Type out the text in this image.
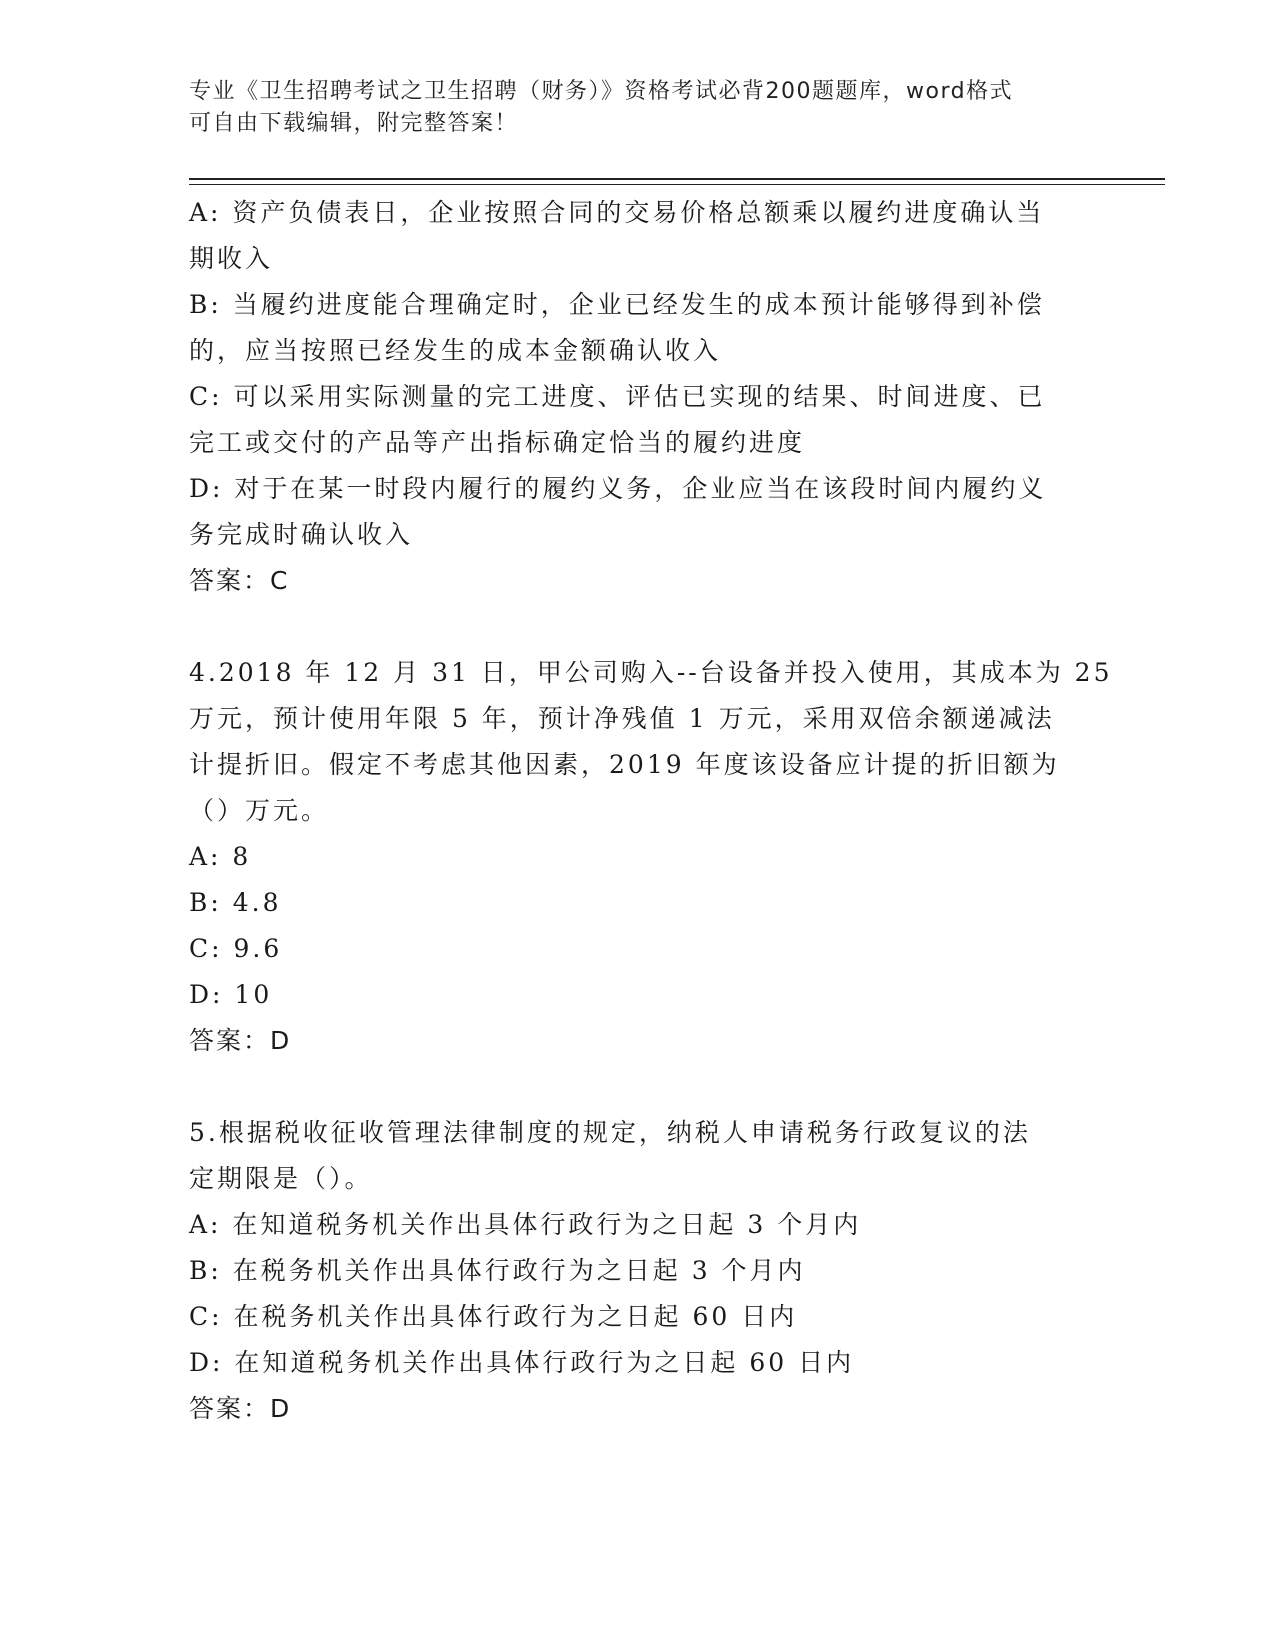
专业《卫生招聘考试之卫生招聘（财务）》资格考试必背200题题库，word格式
可自由下载编辑，附完整答案！
A: 资产负债表日，企业按照合同的交易价格总额乘以履约进度确认当
期收入
B: 当履约进度能合理确定时，企业已经发生的成本预计能够得到补偿
的，应当按照已经发生的成本金额确认收入
C: 可以采用实际测量的完工进度、评估已实现的结果、时间进度、已
完工或交付的产品等产出指标确定恰当的履约进度
D: 对于在某一时段内履行的履约义务，企业应当在该段时间内履约义
务完成时确认收入
答案：C
4.2018 年 12 月 31 日，甲公司购入--台设备并投入使用，其成本为 25
万元，预计使用年限 5 年，预计净残值 1 万元，采用双倍余额递减法
计提折旧。假定不考虑其他因素，2019 年度该设备应计提的折旧额为
（）万元。
A: 8
B: 4.8
C: 9.6
D: 10
答案：D
5.根据税收征收管理法律制度的规定，纳税人申请税务行政复议的法
定期限是（）。
A: 在知道税务机关作出具体行政行为之日起 3 个月内
B: 在税务机关作出具体行政行为之日起 3 个月内
C: 在税务机关作出具体行政行为之日起 60 日内
D: 在知道税务机关作出具体行政行为之日起 60 日内
答案：D
